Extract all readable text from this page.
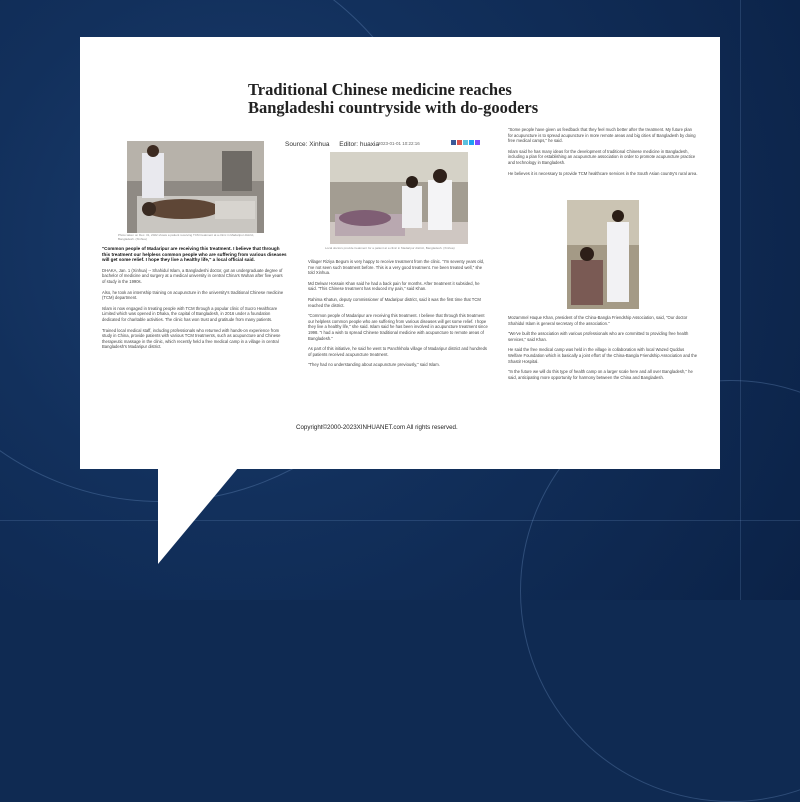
Traditional Chinese medicine reaches Bangladeshi countryside with do-gooders
Source: Xinhua Editor: huaxia
2023-01-01 10:22:16
Photo taken on Dec. 31, 2022 shows a patient receiving TCM treatment at a clinic in Madaripur district, Bangladesh. (Xinhua)
Local doctors provide treatment for a patient at a clinic in Madaripur district, Bangladesh. (Xinhua)

"Common people of Madaripur are receiving this treatment. I believe that through this treatment our helpless common people who are suffering from various diseases will get some relief. I hope they live a healthy life," a local official said.

DHAKA, Jan. 1 (Xinhua) -- Shahidul Islam, a Bangladeshi doctor, got an undergraduate degree of bachelor of medicine and surgery at a medical university in central China's Wuhan after five years of study in the 1990s.

Also, he took an internship training on acupuncture in the university's traditional Chinese medicine (TCM) department.

Islam is now engaged in treating people with TCM through a popular clinic of Sucro Healthcare Limited which was opened in Dhaka, the capital of Bangladesh, in 2016 under a foundation dedicated for charitable activities. The clinic has won trust and gratitude from many patients.

Trained local medical staff, including professionals who returned with hands-on experience from study in China, provide patients with various TCM treatments, such as acupuncture and Chinese therapeutic massage in the clinic, which recently held a free medical camp in a village in central Bangladesh's Madaripur district.

Villager Riziya Begum is very happy to receive treatment from the clinic. "I'm seventy years old, I've not seen such treatment before. This is a very good treatment. I've been treated well," she told Xinhua.

Md Delwar Hossain Khan said he had a back pain for months. After treatment it subsided, he said. "This Chinese treatment has reduced my pain," said Khan.

Rahima Khatun, deputy commissioner of Madaripur district, said it was the first time that TCM reached the district.

"Common people of Madaripur are receiving this treatment. I believe that through this treatment our helpless common people who are suffering from various diseases will get some relief. I hope they live a healthy life," she said. Islam said he has been involved in acupuncture treatment since 1998. "I had a wish to spread Chinese traditional medicine with acupuncture to remote areas of Bangladesh."

As part of this initiative, he said he went to Panchkhola village of Madaripur district and hundreds of patients received acupuncture treatment.

"They had no understanding about acupuncture previously," said Islam.

"Some people have given us feedback that they feel much better after the treatment. My future plan for acupuncture is to spread acupuncture in more remote areas and big cities of Bangladesh by doing free medical camps," he said.

Islam said he has many ideas for the development of traditional Chinese medicine in Bangladesh, including a plan for establishing an acupuncture association in order to promote acupuncture practice and technology in Bangladesh.

He believes it is necessary to provide TCM healthcare services in the South Asian country's rural area.

Mozammel Haque Khan, president of the China-Bangla Friendship Association, said, "Our doctor Shahidul Islam is general secretary of the association."

"We've built the association with various professionals who are committed to providing free health services," said Khan.

He said the free medical camp was held in the village in collaboration with local Wazed Quddus Welfare Foundation which is basically a joint effort of the China-Bangla Friendship Association and the Shastir Hospital.

"In the future we will do this type of health camp on a larger scale here and all over Bangladesh," he said, anticipating more opportunity for harmony between the China and Bangladesh.

Copyright©2000-2023XINHUANET.com All rights reserved.
